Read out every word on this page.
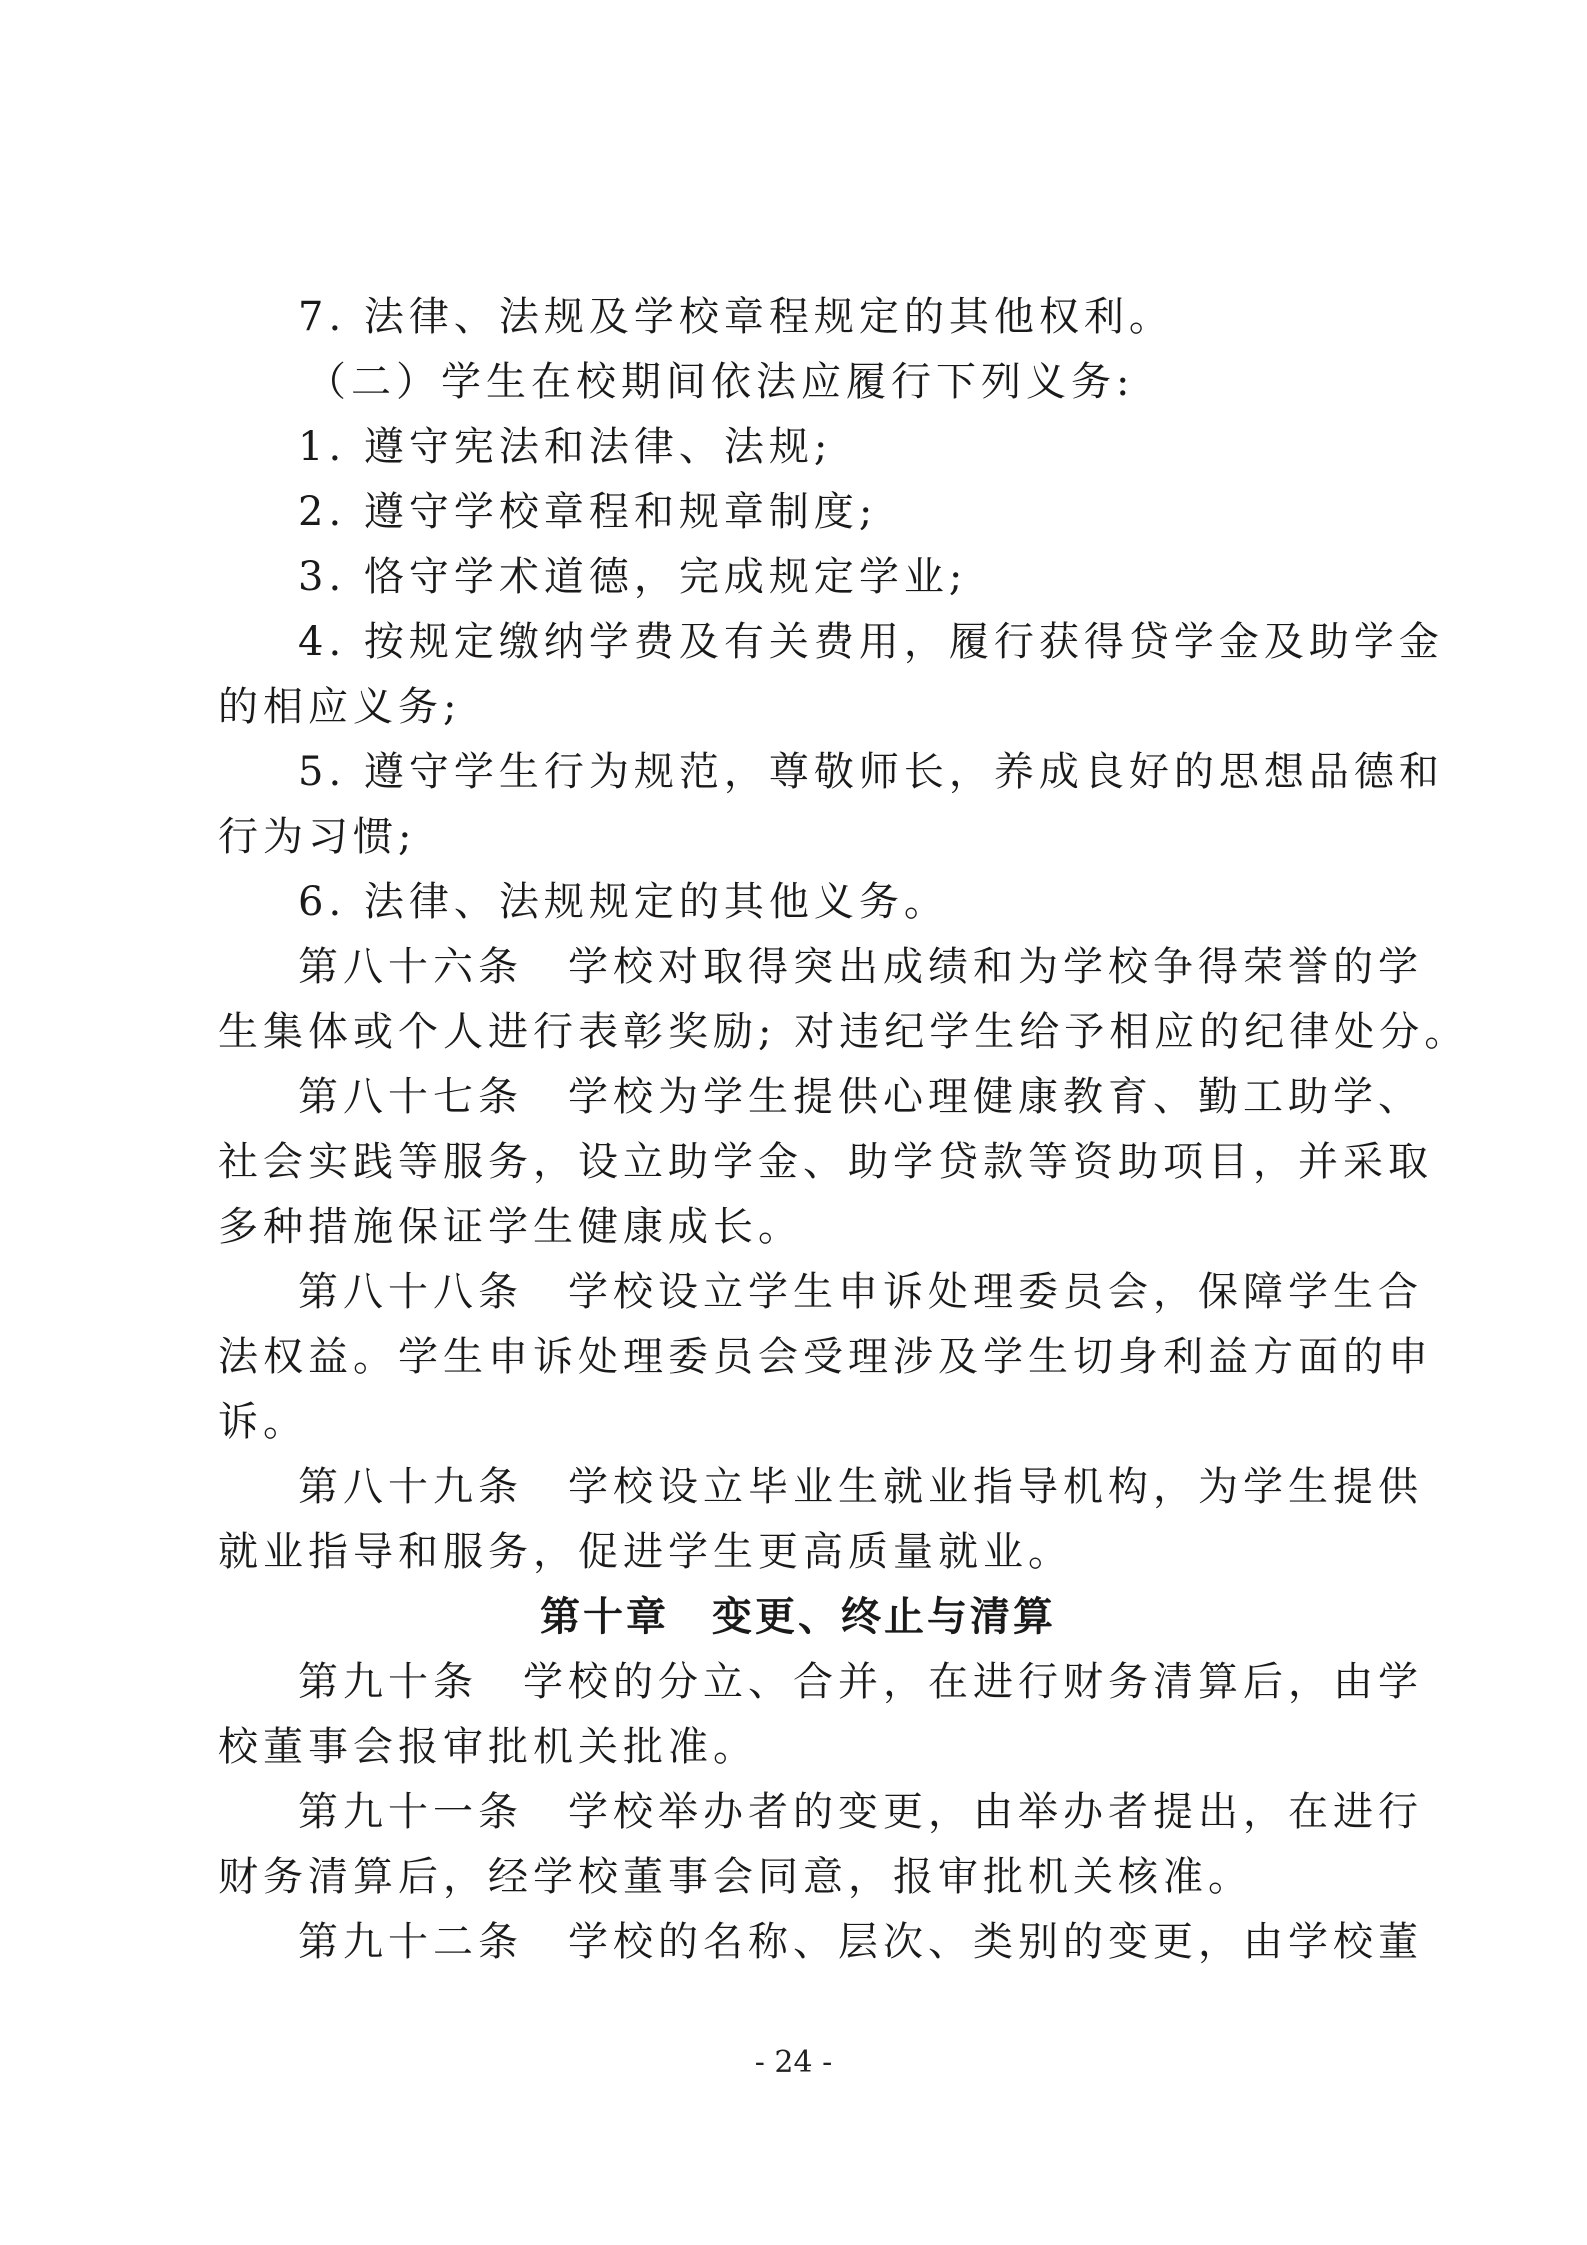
7. 法律、法规及学校章程规定的其他权利。
（二）学生在校期间依法应履行下列义务:
1. 遵守宪法和法律、法规;
2. 遵守学校章程和规章制度;
3. 恪守学术道德，完成规定学业;
4. 按规定缴纳学费及有关费用，履行获得贷学金及助学金
的相应义务;
5. 遵守学生行为规范，尊敬师长，养成良好的思想品德和
行为习惯;
6. 法律、法规规定的其他义务。
第八十六条　学校对取得突出成绩和为学校争得荣誉的学
生集体或个人进行表彰奖励; 对违纪学生给予相应的纪律处分。
第八十七条　学校为学生提供心理健康教育、勤工助学、
社会实践等服务，设立助学金、助学贷款等资助项目，并采取
多种措施保证学生健康成长。
第八十八条　学校设立学生申诉处理委员会，保障学生合
法权益。学生申诉处理委员会受理涉及学生切身利益方面的申
诉。
第八十九条　学校设立毕业生就业指导机构，为学生提供
就业指导和服务，促进学生更高质量就业。
第十章　变更、终止与清算
第九十条　学校的分立、合并，在进行财务清算后，由学
校董事会报审批机关批准。
第九十一条　学校举办者的变更，由举办者提出，在进行
财务清算后，经学校董事会同意，报审批机关核准。
第九十二条　学校的名称、层次、类别的变更，由学校董
- 24 -
